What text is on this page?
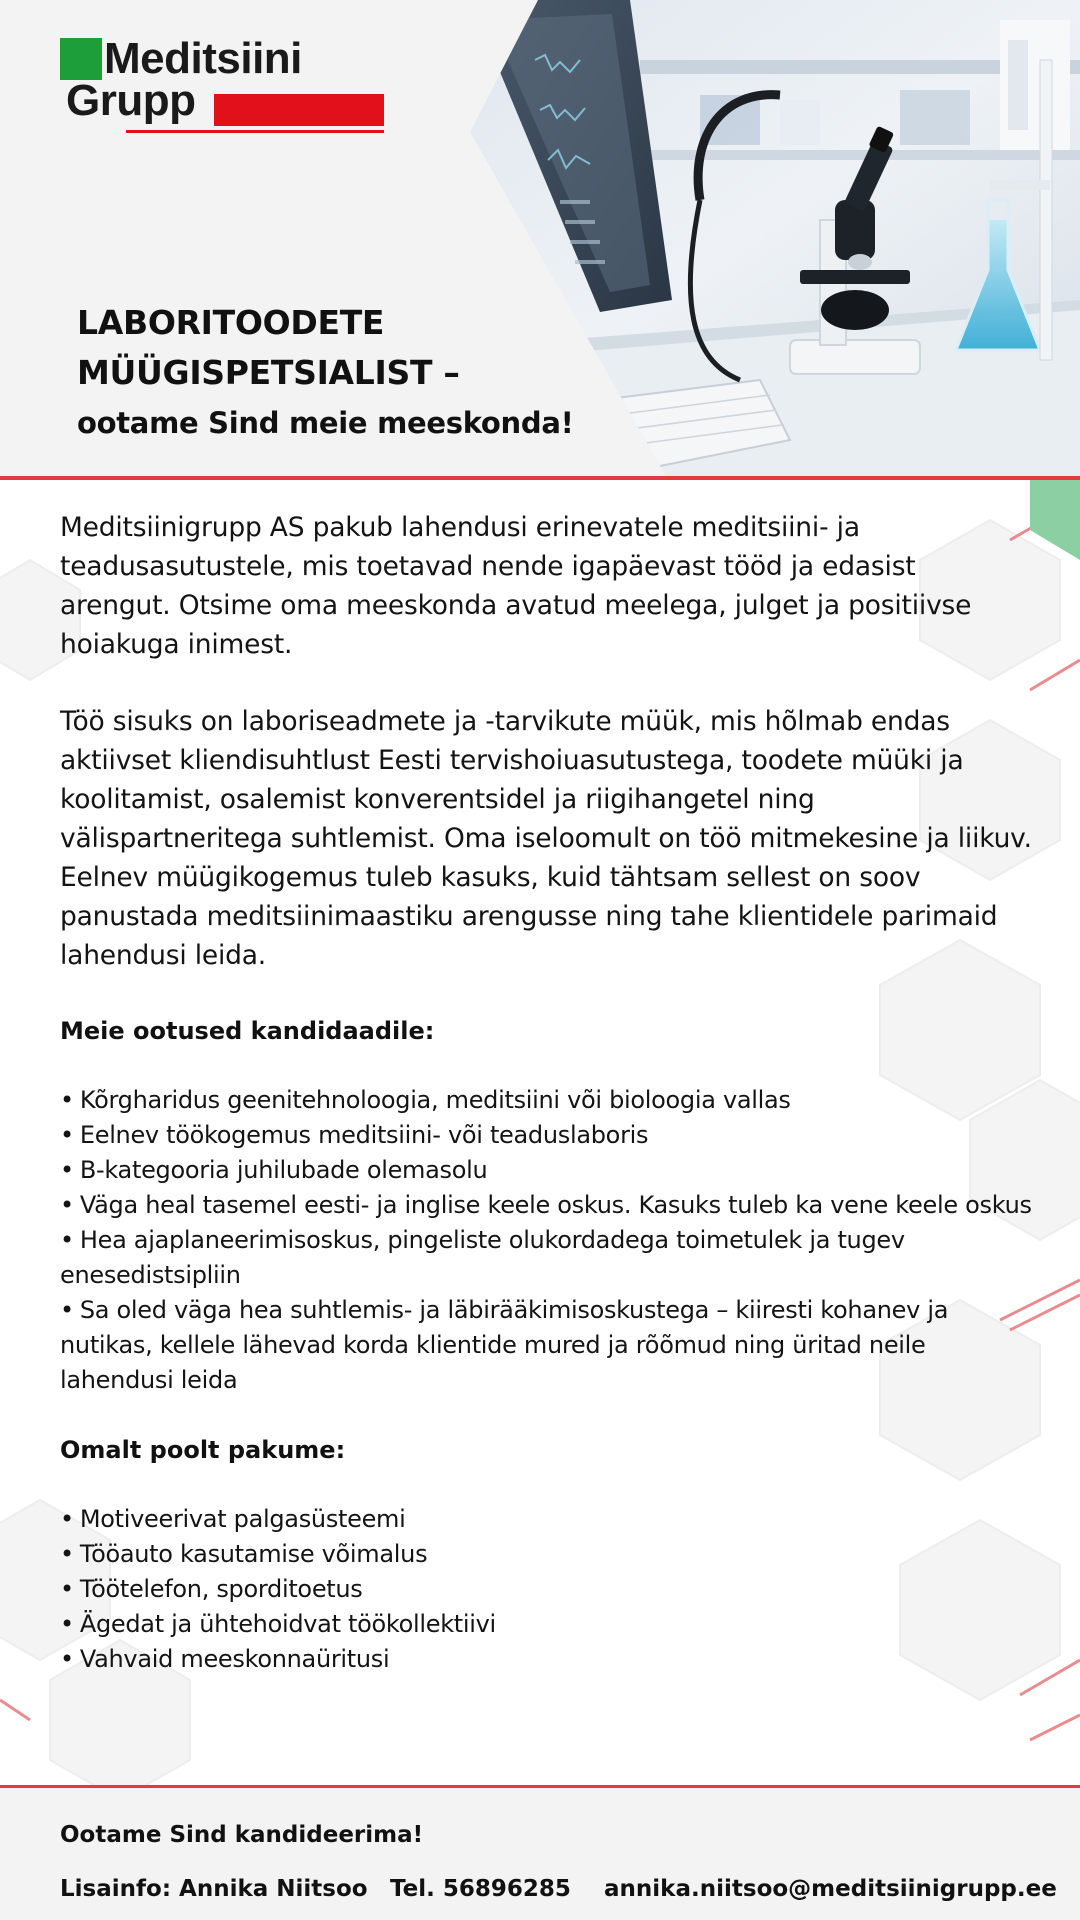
Meditsiini
Grupp
LABORITOODETE
MÜÜGISPETSIALIST –
ootame Sind meie meeskonda!

Meditsiinigrupp AS pakub lahendusi erinevatele meditsiini- ja teadusasutustele, mis toetavad nende igapäevast tööd ja edasist arengut. Otsime oma meeskonda avatud meelega, julget ja positiivse hoiakuga inimest.

Töö sisuks on laboriseadmete ja -tarvikute müük, mis hõlmab endas aktiivset kliendisuhtlust Eesti tervishoiuasutustega, toodete müüki ja koolitamist, osalemist konverentsidel ja riigihangetel ning välispartneritega suhtlemist. Oma iseloomult on töö mitmekesine ja liikuv. Eelnev müügikogemus tuleb kasuks, kuid tähtsam sellest on soov panustada meditsiinimaastiku arengusse ning tahe klientidele parimaid lahendusi leida.

Meie ootused kandidaadile:
• Kõrgharidus geenitehnoloogia, meditsiini või bioloogia vallas
• Eelnev töökogemus meditsiini- või teaduslaboris
• B-kategooria juhilubade olemasolu
• Väga heal tasemel eesti- ja inglise keele oskus. Kasuks tuleb ka vene keele oskus
• Hea ajaplaneerimisoskus, pingeliste olukordadega toimetulek ja tugev enesedistsipliin
• Sa oled väga hea suhtlemis- ja läbirääkimisoskustega – kiiresti kohanev ja nutikas, kellele lähevad korda klientide mured ja rõõmud ning üritad neile lahendusi leida
Omalt poolt pakume:
• Motiveerivat palgasüsteemi
• Tööauto kasutamise võimalus
• Töötelefon, sporditoetus
• Ägedat ja ühtehoidvat töökollektiivi
• Vahvaid meeskonnaüritusi
Ootame Sind kandideerima!
Lisainfo: Annika Niitsoo Tel. 56896285 annika.niitsoo@meditsiinigrupp.ee
